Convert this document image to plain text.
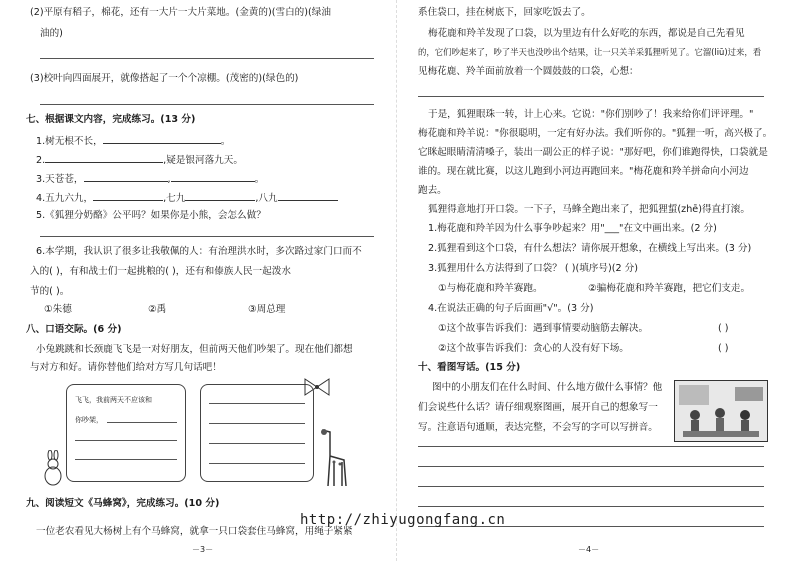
(2)平原有稻子，棉花，还有一大片一大片菜地。(金黄的)(雪白的)(绿油
油的)
(3)校叶向四面展开，就像搭起了一个个凉棚。(茂密的)(绿色的)
七、根据课文内容，完成练习。(13 分)
1.树无根不长，	。
2.	,疑是银河落九天。
3.天苍苍，	,	。
4.五九六九，	,七九	,八九
5.《狐狸分奶酪》公平吗？如果你是小熊，会怎么做？
6.本学期，我认识了很多让我敬佩的人：有治理洪水时，多次路过家门口而不
入的( )，有和战士们一起挑粮的( )，还有和傣族人民一起泼水
节的( )。
①朱德	②禹	③周总理
八、口语交际。(6 分)
小兔跳跳和长颈鹿飞飞是一对好朋友，但前两天他们吵架了。现在他们都想
与对方和好。请你替他们给对方写几句话吧！
飞飞，我前两天不应该和
你吵架，
九、阅读短文《马蜂窝》，完成练习。(10 分)
一位老农看见大杨树上有个马蜂窝，就拿一只口袋套住马蜂窝，用绳子紧紧
－3－
系住袋口，挂在树底下，回家吃饭去了。
梅花鹿和羚羊发现了口袋，以为里边有什么好吃的东西，都说是自己先看见
的，它们吵起来了，吵了半天也没吵出个结果，让一只关羊采狐狸听见了。它溜(liū)过来，看
见梅花鹿、羚羊面前放着一个圆鼓鼓的口袋，心想：
于是，狐狸眼珠一转，计上心来。它说："你们别吵了！我来给你们评评理。"
梅花鹿和羚羊说："你很聪明，一定有好办法。我们听你的。"狐狸一听，高兴极了。
它眯起眼睛清清嗓子，装出一副公正的样子说："那好吧，你们谁跑得快，口袋就是
谁的。现在就比赛，以这儿跑到小河边再跑回来。"梅花鹿和羚羊拼命向小河边
跑去。
狐狸得意地打开口袋。一下子，马蜂全跑出来了，把狐狸蜇(zhē)得直打滚。
1.梅花鹿和羚羊因为什么事争吵起来？用"___"在文中画出来。(2 分)
2.狐狸看到这个口袋，有什么想法？请你展开想象，在横线上写出来。(3 分)
3.狐狸用什么方法得到了口袋？ ( )(填序号)(2 分)
①与梅花鹿和羚羊赛跑。	②骗梅花鹿和羚羊赛跑，把它们支走。
4.在说法正确的句子后面画"√"。(3 分)
①这个故事告诉我们：遇到事情要动脑筋去解决。	( )
②这个故事告诉我们：贪心的人没有好下场。	( )
十、看图写话。(15 分)
图中的小朋友们在什么时间、什么地方做什么事情？他
们会说些什么话？请仔细观察图画，展开自己的想象写一
写。注意语句通顺，表达完整，不会写的字可以写拼音。
－4－
http://zhiyugongfang.cn
